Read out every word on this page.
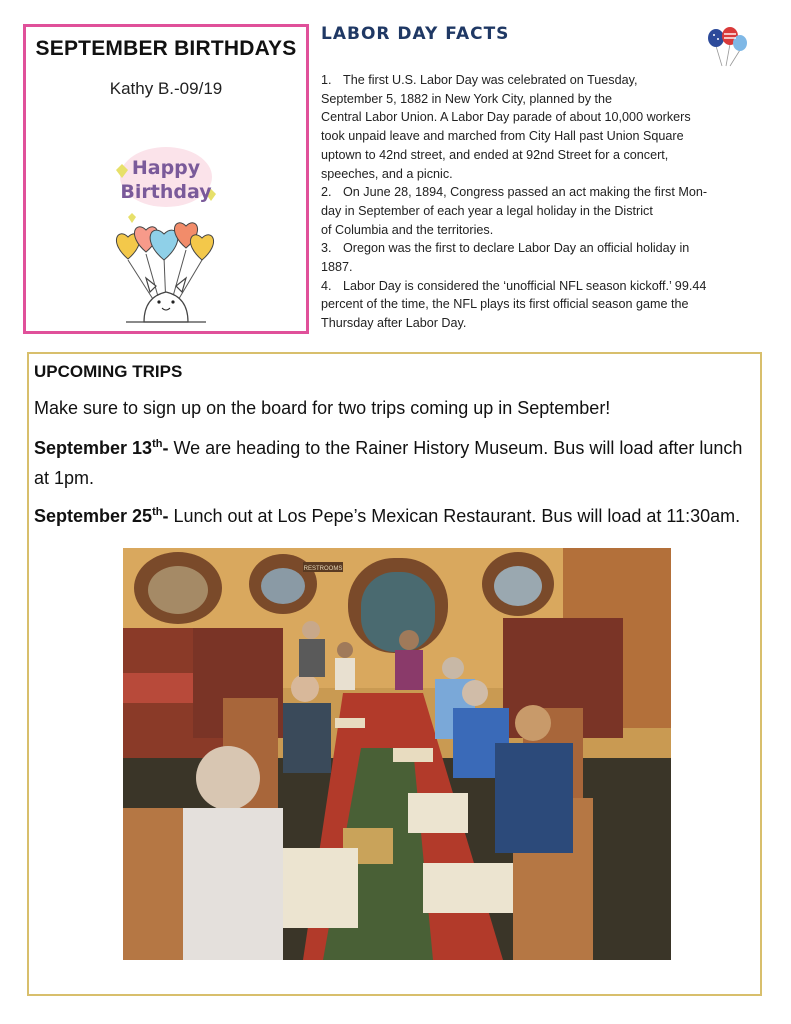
SEPTEMBER BIRTHDAYS
Kathy B.-09/19
Happy
Birthday
LABOR DAY FACTS
1. The first U.S. Labor Day was celebrated on Tuesday,
September 5, 1882 in New York City, planned by the
Central Labor Union. A Labor Day parade of about 10,000 workers
took unpaid leave and marched from City Hall past Union Square
uptown to 42nd street, and ended at 92nd Street for a concert,
speeches, and a picnic.
2. On June 28, 1894, Congress passed an act making the first Mon-
day in September of each year a legal holiday in the District
of Columbia and the territories.
3. Oregon was the first to declare Labor Day an official holiday in
1887.
4. Labor Day is considered the ‘unofficial NFL season kickoff.’ 99.44
percent of the time, the NFL plays its first official season game the
Thursday after Labor Day.
UPCOMING TRIPS
Make sure to sign up on the board for two trips coming up in September!
September 13th- We are heading to the Rainer History Museum. Bus will load after lunch at 1pm.
September 25th- Lunch out at Los Pepe’s Mexican Restaurant. Bus will load at 11:30am.
RESTROOMS
